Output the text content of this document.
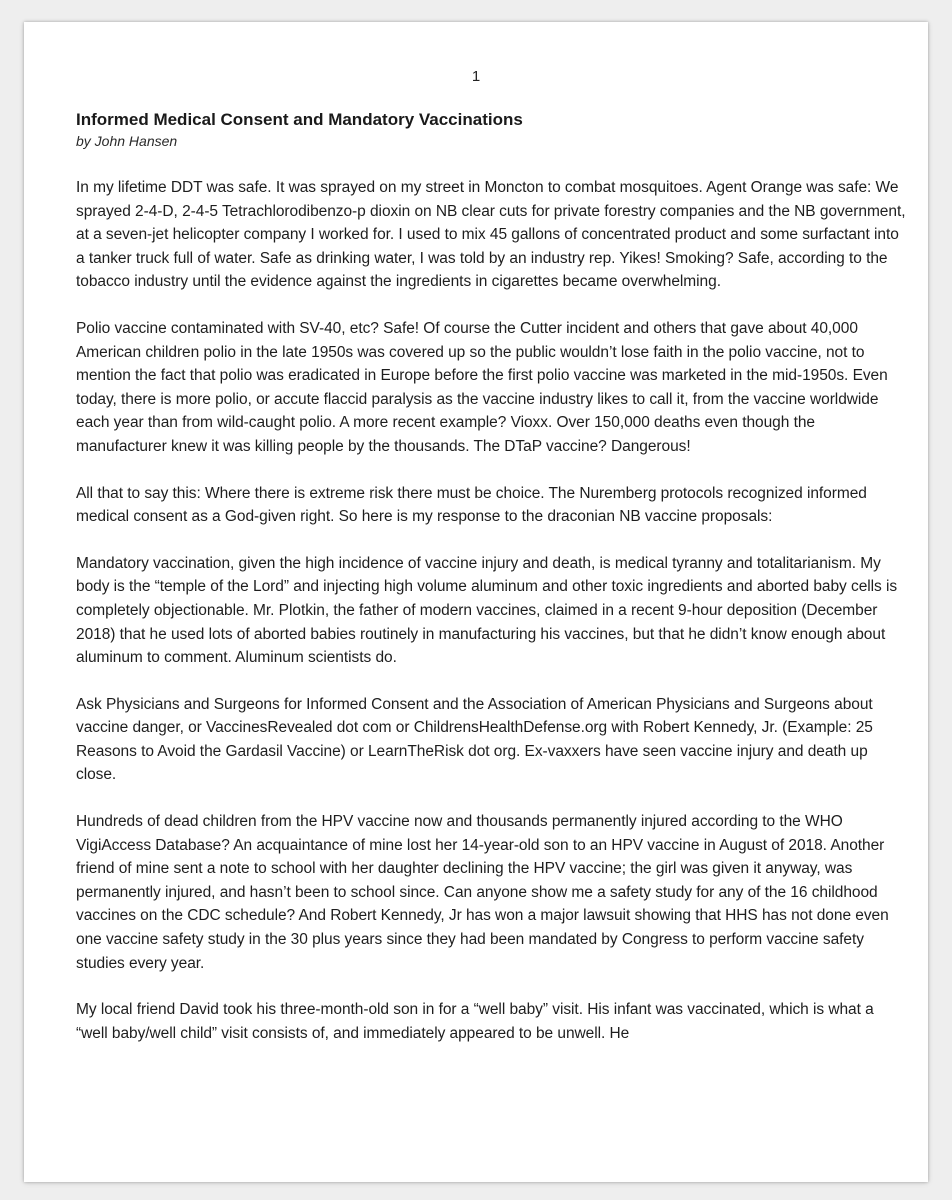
1
Informed Medical Consent and Mandatory Vaccinations

by John Hansen

In my lifetime DDT was safe. It was sprayed on my street in Moncton to combat mosquitoes. Agent Orange was safe: We sprayed 2-4-D, 2-4-5 Tetrachlorodibenzo-p dioxin on NB clear cuts for private forestry companies and the NB government, at a seven-jet helicopter company I worked for. I used to mix 45 gallons of concentrated product and some surfactant into a tanker truck full of water. Safe as drinking water, I was told by an industry rep. Yikes! Smoking? Safe, according to the tobacco industry until the evidence against the ingredients in cigarettes became overwhelming.

Polio vaccine contaminated with SV-40, etc? Safe! Of course the Cutter incident and others that gave about 40,000 American children polio in the late 1950s was covered up so the public wouldn’t lose faith in the polio vaccine, not to mention the fact that polio was eradicated in Europe before the first polio vaccine was marketed in the mid-1950s. Even today, there is more polio, or accute flaccid paralysis as the vaccine industry likes to call it, from the vaccine worldwide each year than from wild-caught polio. A more recent example? Vioxx. Over 150,000 deaths even though the manufacturer knew it was killing people by the thousands. The DTaP vaccine? Dangerous!

All that to say this: Where there is extreme risk there must be choice. The Nuremberg protocols recognized informed medical consent as a God-given right. So here is my response to the draconian NB vaccine proposals:

Mandatory vaccination, given the high incidence of vaccine injury and death, is medical tyranny and totalitarianism. My body is the “temple of the Lord” and injecting high volume aluminum and other toxic ingredients and aborted baby cells is completely objectionable. Mr. Plotkin, the father of modern vaccines, claimed in a recent 9-hour deposition (December 2018) that he used lots of aborted babies routinely in manufacturing his vaccines, but that he didn’t know enough about aluminum to comment. Aluminum scientists do.

Ask Physicians and Surgeons for Informed Consent and the Association of American Physicians and Surgeons about vaccine danger, or VaccinesRevealed dot com or ChildrensHealthDefense.org with Robert Kennedy, Jr. (Example: 25 Reasons to Avoid the Gardasil Vaccine) or LearnTheRisk dot org. Ex-vaxxers have seen vaccine injury and death up close.

Hundreds of dead children from the HPV vaccine now and thousands permanently injured according to the WHO VigiAccess Database? An acquaintance of mine lost her 14-year-old son to an HPV vaccine in August of 2018. Another friend of mine sent a note to school with her daughter declining the HPV vaccine; the girl was given it anyway, was permanently injured, and hasn’t been to school since. Can anyone show me a safety study for any of the 16 childhood vaccines on the CDC schedule? And Robert Kennedy, Jr has won a major lawsuit showing that HHS has not done even one vaccine safety study in the 30 plus years since they had been mandated by Congress to perform vaccine safety studies every year.

My local friend David took his three-month-old son in for a “well baby” visit. His infant was vaccinated, which is what a “well baby/well child” visit consists of, and immediately appeared to be unwell. He
